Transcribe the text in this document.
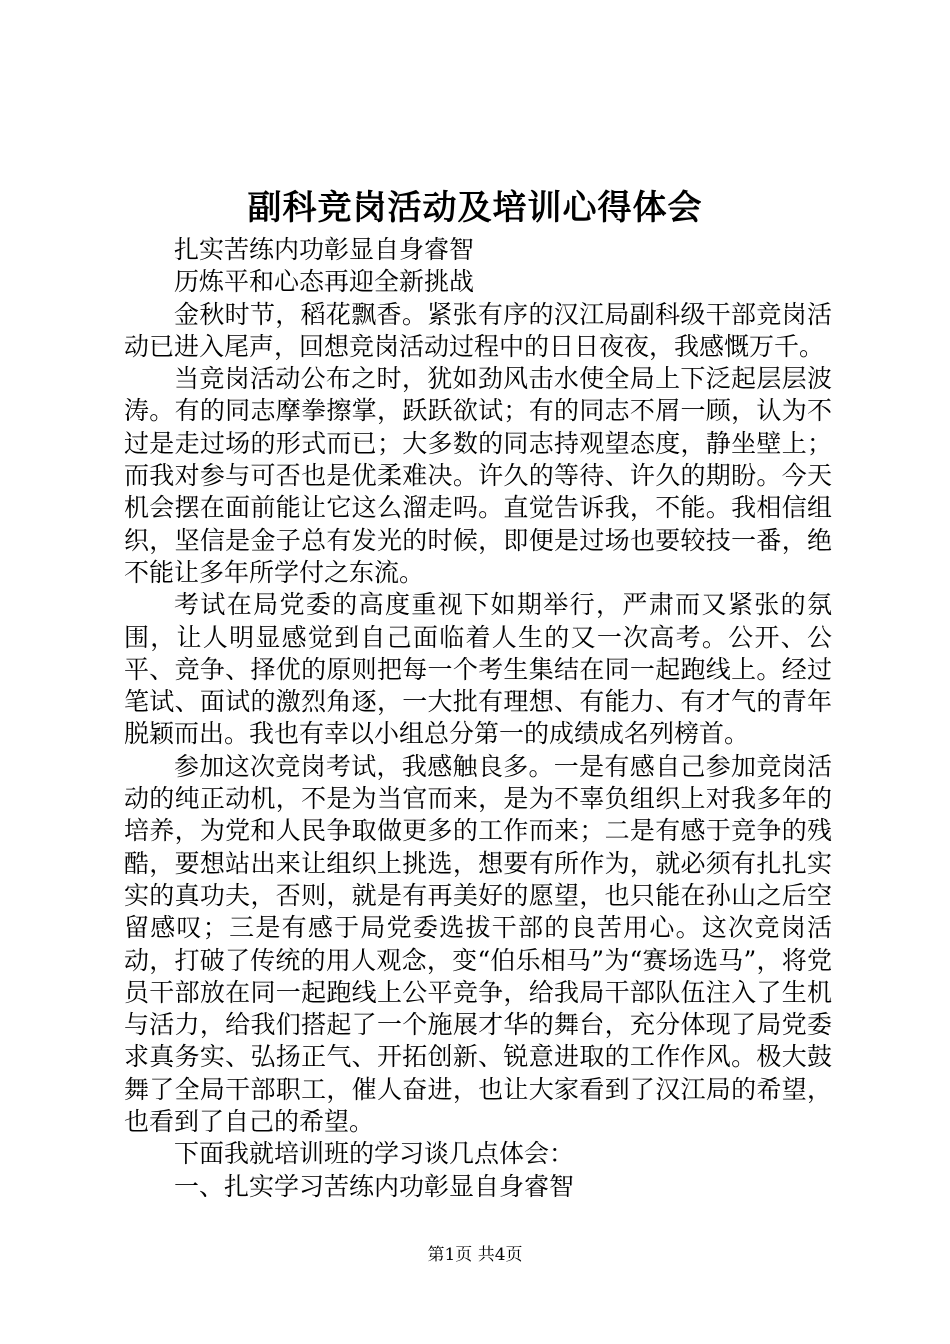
副科竞岗活动及培训心得体会

扎实苦练内功彰显自身睿智

历炼平和心态再迎全新挑战

金秋时节，稻花飘香。紧张有序的汉江局副科级干部竞岗活动已进入尾声，回想竞岗活动过程中的日日夜夜，我感慨万千。

当竞岗活动公布之时，犹如劲风击水使全局上下泛起层层波涛。有的同志摩拳擦掌，跃跃欲试；有的同志不屑一顾，认为不过是走过场的形式而已；大多数的同志持观望态度，静坐壁上；而我对参与可否也是优柔难决。许久的等待、许久的期盼。今天机会摆在面前能让它这么溜走吗。直觉告诉我，不能。我相信组织，坚信是金子总有发光的时候，即便是过场也要较技一番，绝不能让多年所学付之东流。

考试在局党委的高度重视下如期举行，严肃而又紧张的氛围，让人明显感觉到自己面临着人生的又一次高考。公开、公平、竞争、择优的原则把每一个考生集结在同一起跑线上。经过笔试、面试的激烈角逐，一大批有理想、有能力、有才气的青年脱颖而出。我也有幸以小组总分第一的成绩成名列榜首。

参加这次竞岗考试，我感触良多。一是有感自己参加竞岗活动的纯正动机，不是为当官而来，是为不辜负组织上对我多年的培养，为党和人民争取做更多的工作而来；二是有感于竞争的残酷，要想站出来让组织上挑选，想要有所作为，就必须有扎扎实实的真功夫，否则，就是有再美好的愿望，也只能在孙山之后空留感叹；三是有感于局党委选拔干部的良苦用心。这次竞岗活动，打破了传统的用人观念，变“伯乐相马”为“赛场选马”，将党员干部放在同一起跑线上公平竞争，给我局干部队伍注入了生机与活力，给我们搭起了一个施展才华的舞台，充分体现了局党委求真务实、弘扬正气、开拓创新、锐意进取的工作作风。极大鼓舞了全局干部职工，催人奋进，也让大家看到了汉江局的希望，也看到了自己的希望。

下面我就培训班的学习谈几点体会：

一、扎实学习苦练内功彰显自身睿智

第1页 共4页
